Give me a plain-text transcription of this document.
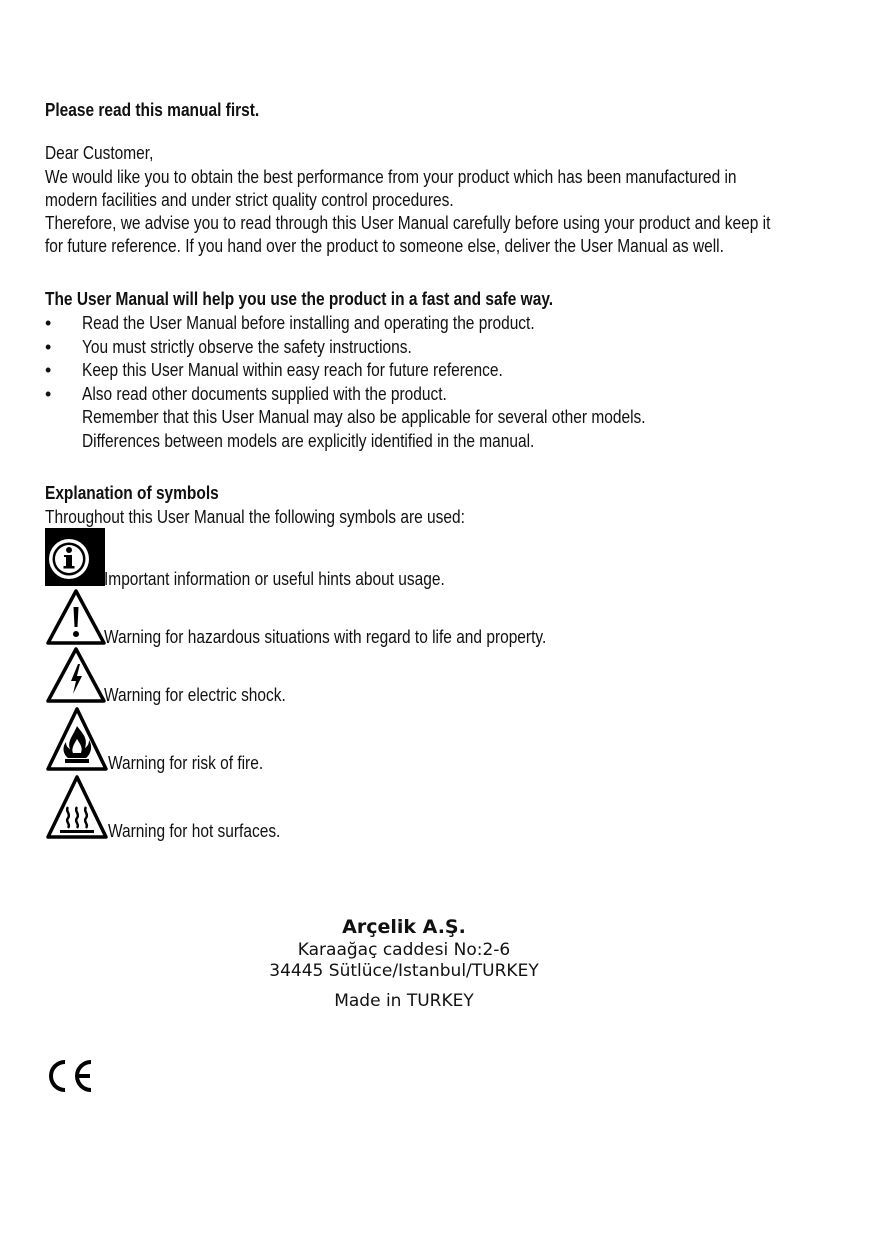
Please read this manual first.
Dear Customer,
We would like you to obtain the best performance from your product which has been manufactured in
modern facilities and under strict quality control procedures.
Therefore, we advise you to read through this User Manual carefully before using your product and keep it
for future reference. If you hand over the product to someone else, deliver the User Manual as well.
The User Manual will help you use the product in a fast and safe way.
•	Read the User Manual before installing and operating the product.
•	You must strictly observe the safety instructions.
•	Keep this User Manual within easy reach for future reference.
•	Also read other documents supplied with the product.
Remember that this User Manual may also be applicable for several other models.
Differences between models are explicitly identified in the manual.
Explanation of symbols
Throughout this User Manual the following symbols are used:
Important information or useful hints about usage.
Warning for hazardous situations with regard to life and property.
Warning for electric shock.
Warning for risk of fire.
Warning for hot surfaces.
Arçelik A.Ş.
Karaağaç caddesi No:2-6
34445 Sütlüce/Istanbul/TURKEY
Made in TURKEY
